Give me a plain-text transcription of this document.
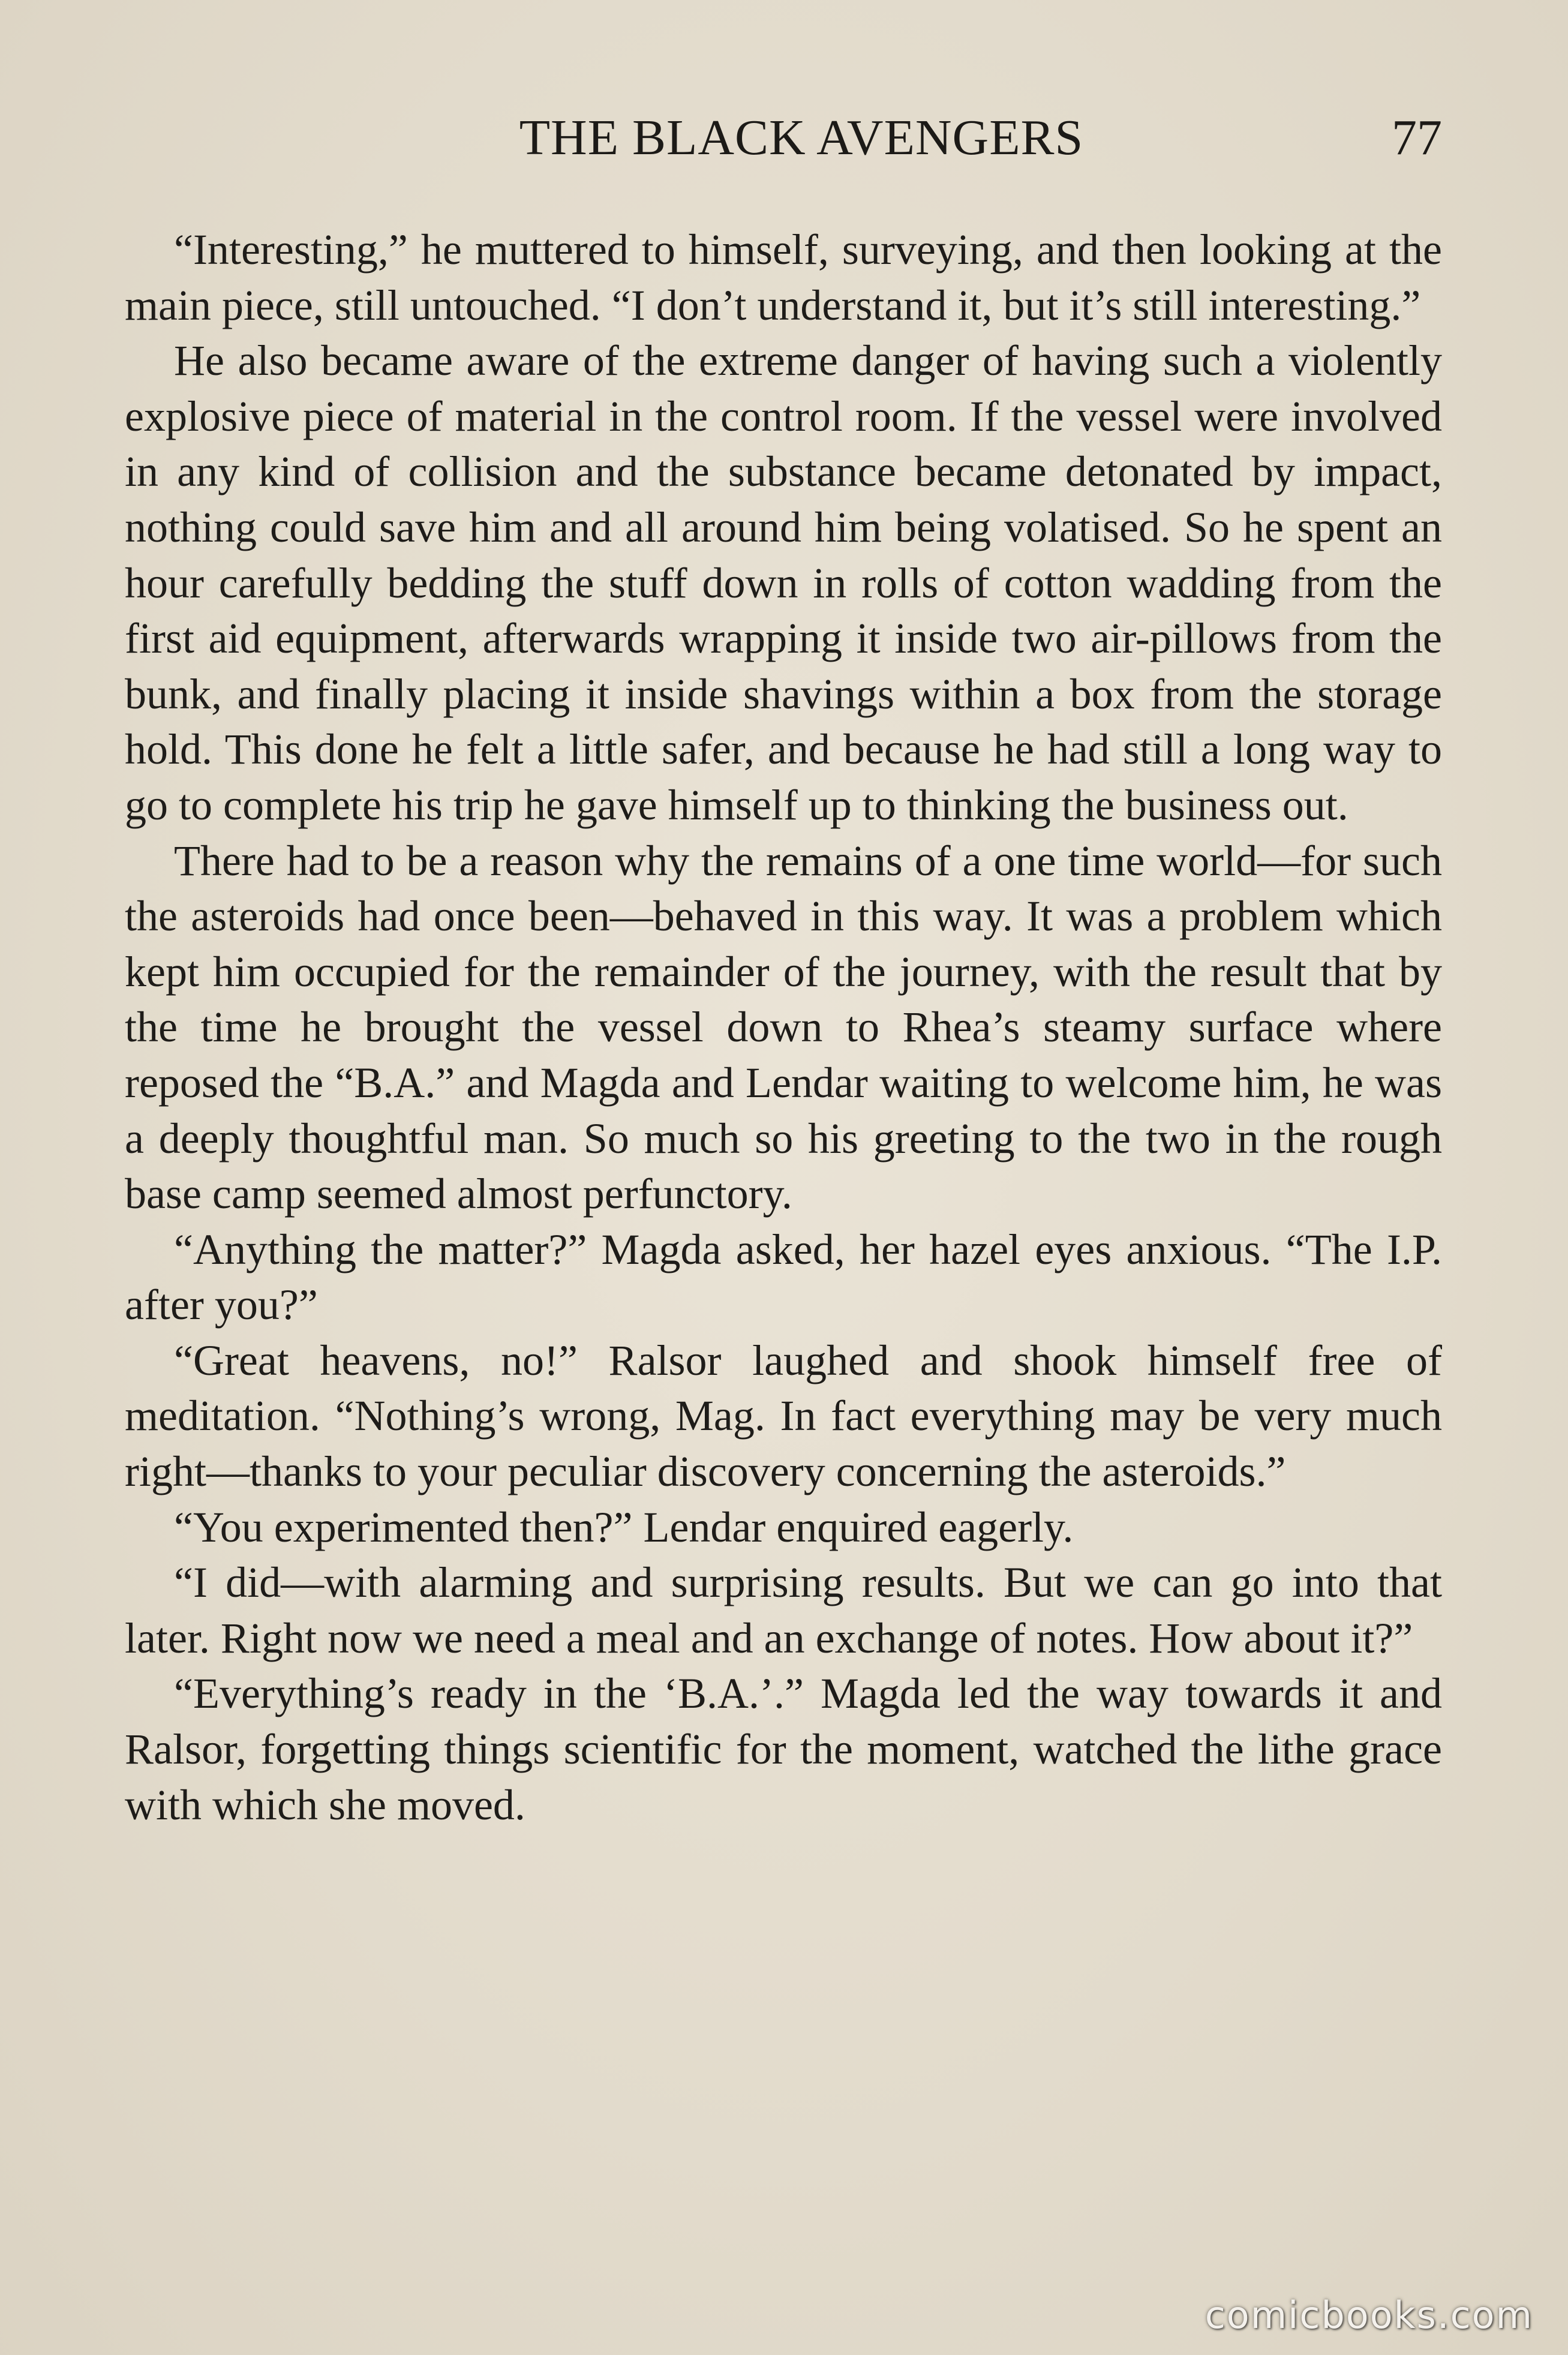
THE BLACK AVENGERS	77

“Interesting,” he muttered to himself, surveying, and then looking at the main piece, still untouched. “I don’t understand it, but it’s still interesting.”

He also became aware of the extreme danger of having such a violently explosive piece of material in the control room. If the vessel were involved in any kind of collision and the substance became detonated by impact, nothing could save him and all around him being volatised. So he spent an hour carefully bedding the stuff down in rolls of cotton wadding from the first aid equipment, afterwards wrapping it inside two air-pillows from the bunk, and finally placing it inside shavings within a box from the storage hold. This done he felt a little safer, and because he had still a long way to go to complete his trip he gave himself up to thinking the business out.

There had to be a reason why the remains of a one time world—for such the asteroids had once been—behaved in this way. It was a problem which kept him occupied for the remainder of the journey, with the result that by the time he brought the vessel down to Rhea’s steamy surface where reposed the “B.A.” and Magda and Lendar waiting to welcome him, he was a deeply thoughtful man. So much so his greeting to the two in the rough base camp seemed almost perfunctory.

“Anything the matter?” Magda asked, her hazel eyes anxious. “The I.P. after you?”

“Great heavens, no!” Ralsor laughed and shook himself free of meditation. “Nothing’s wrong, Mag. In fact everything may be very much right—thanks to your peculiar discovery concerning the asteroids.”

“You experimented then?” Lendar enquired eagerly.

“I did—with alarming and surprising results. But we can go into that later. Right now we need a meal and an exchange of notes. How about it?”

“Everything’s ready in the ‘B.A.’.” Magda led the way towards it and Ralsor, forgetting things scientific for the moment, watched the lithe grace with which she moved.

comicbooks.com
